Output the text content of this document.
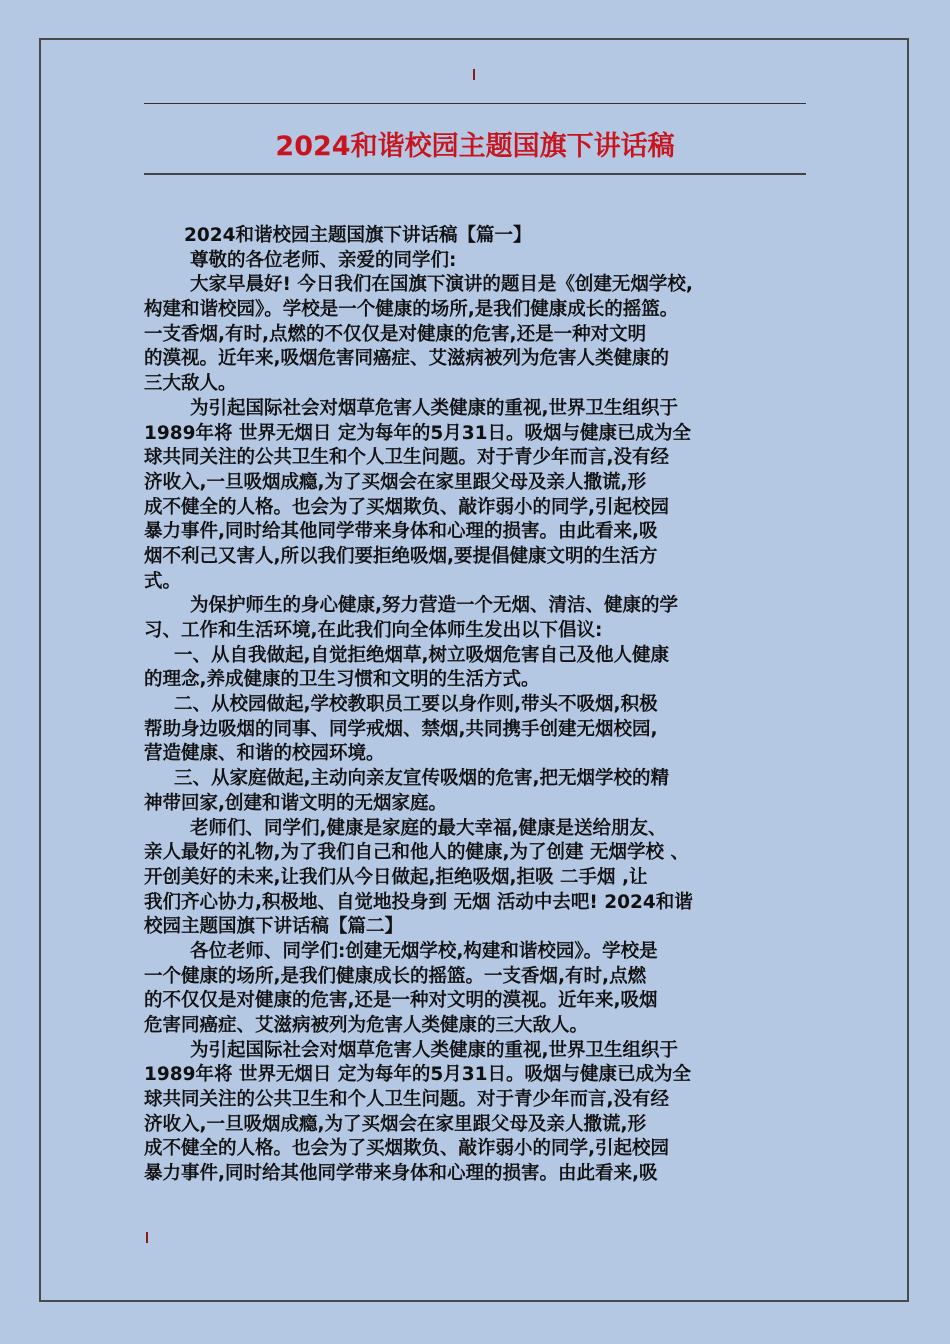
2024和谐校园主题国旗下讲话稿
2024和谐校园主题国旗下讲话稿【篇一】
尊敬的各位老师、亲爱的同学们:
大家早晨好! 今日我们在国旗下演讲的题目是《创建无烟学校,
构建和谐校园》。学校是一个健康的场所,是我们健康成长的摇篮。
一支香烟,有时,点燃的不仅仅是对健康的危害,还是一种对文明
的漠视。近年来,吸烟危害同癌症、艾滋病被列为危害人类健康的
三大敌人。
为引起国际社会对烟草危害人类健康的重视,世界卫生组织于
1989年将 世界无烟日 定为每年的5月31日。吸烟与健康已成为全
球共同关注的公共卫生和个人卫生问题。对于青少年而言,没有经
济收入,一旦吸烟成瘾,为了买烟会在家里跟父母及亲人撒谎,形
成不健全的人格。也会为了买烟欺负、敲诈弱小的同学,引起校园
暴力事件,同时给其他同学带来身体和心理的损害。由此看来,吸
烟不利己又害人,所以我们要拒绝吸烟,要提倡健康文明的生活方
式。
为保护师生的身心健康,努力营造一个无烟、清洁、健康的学
习、工作和生活环境,在此我们向全体师生发出以下倡议:
一、从自我做起,自觉拒绝烟草,树立吸烟危害自己及他人健康
的理念,养成健康的卫生习惯和文明的生活方式。
二、从校园做起,学校教职员工要以身作则,带头不吸烟,积极
帮助身边吸烟的同事、同学戒烟、禁烟,共同携手创建无烟校园,
营造健康、和谐的校园环境。
三、从家庭做起,主动向亲友宣传吸烟的危害,把无烟学校的精
神带回家,创建和谐文明的无烟家庭。
老师们、同学们,健康是家庭的最大幸福,健康是送给朋友、
亲人最好的礼物,为了我们自己和他人的健康,为了创建 无烟学校 、
开创美好的未来,让我们从今日做起,拒绝吸烟,拒吸 二手烟 ,让
我们齐心协力,积极地、自觉地投身到 无烟 活动中去吧! 2024和谐
校园主题国旗下讲话稿【篇二】
各位老师、同学们:创建无烟学校,构建和谐校园》。学校是
一个健康的场所,是我们健康成长的摇篮。一支香烟,有时,点燃
的不仅仅是对健康的危害,还是一种对文明的漠视。近年来,吸烟
危害同癌症、艾滋病被列为危害人类健康的三大敌人。
为引起国际社会对烟草危害人类健康的重视,世界卫生组织于
1989年将 世界无烟日 定为每年的5月31日。吸烟与健康已成为全
球共同关注的公共卫生和个人卫生问题。对于青少年而言,没有经
济收入,一旦吸烟成瘾,为了买烟会在家里跟父母及亲人撒谎,形
成不健全的人格。也会为了买烟欺负、敲诈弱小的同学,引起校园
暴力事件,同时给其他同学带来身体和心理的损害。由此看来,吸
